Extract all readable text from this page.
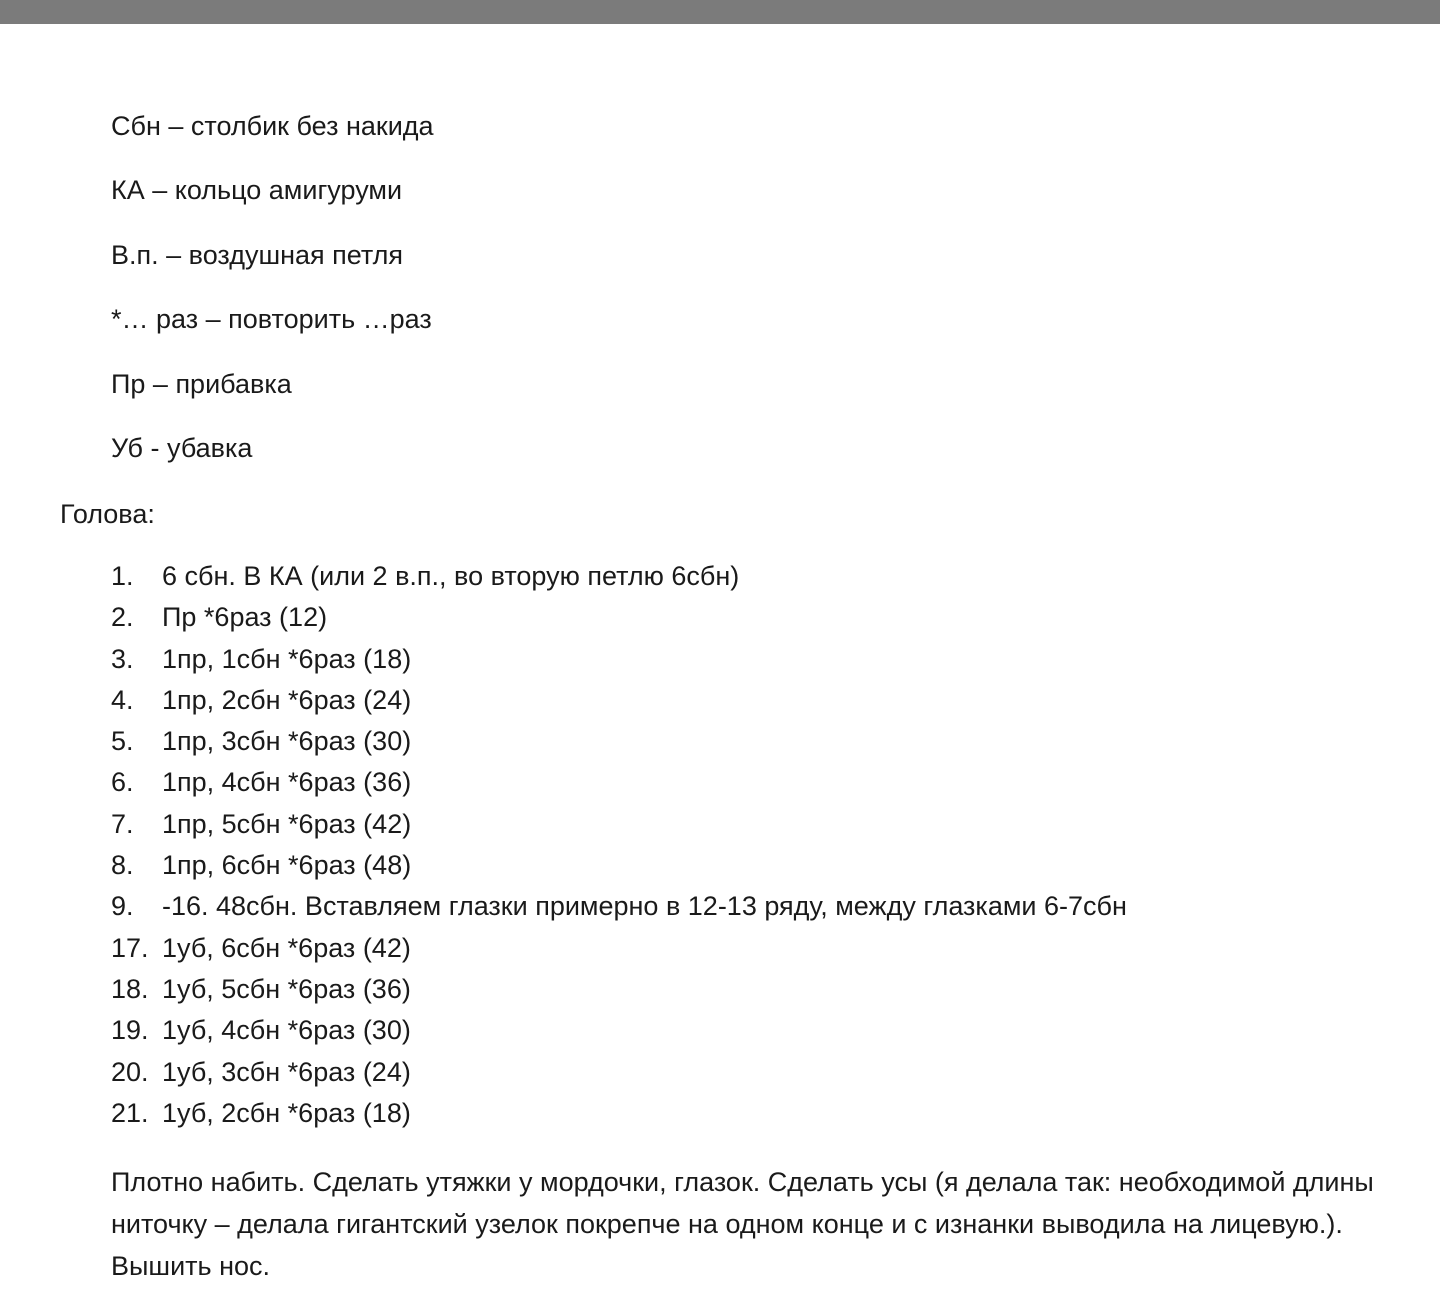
Сбн – столбик без накида
КА – кольцо амигуруми
В.п. – воздушная петля
*… раз – повторить …раз
Пр – прибавка
Уб - убавка
Голова:
1.	6 сбн. В КА (или 2 в.п., во вторую петлю 6сбн)
2.	Пр *6раз (12)
3.	1пр, 1сбн *6раз (18)
4.	1пр, 2сбн *6раз (24)
5.	1пр, 3сбн *6раз (30)
6.	1пр, 4сбн *6раз (36)
7.	1пр, 5сбн *6раз (42)
8.	1пр, 6сбн *6раз (48)
9.	-16. 48сбн. Вставляем глазки примерно в 12-13 ряду, между глазками 6-7сбн
17. 1уб, 6сбн *6раз (42)
18. 1уб, 5сбн *6раз (36)
19. 1уб, 4сбн *6раз (30)
20. 1уб, 3сбн *6раз (24)
21. 1уб, 2сбн *6раз (18)

Плотно набить. Сделать утяжки у мордочки, глазок. Сделать усы (я делала так: необходимой длины ниточку – делала гигантский узелок покрепче на одном конце и с изнанки выводила на лицевую.). Вышить нос.
